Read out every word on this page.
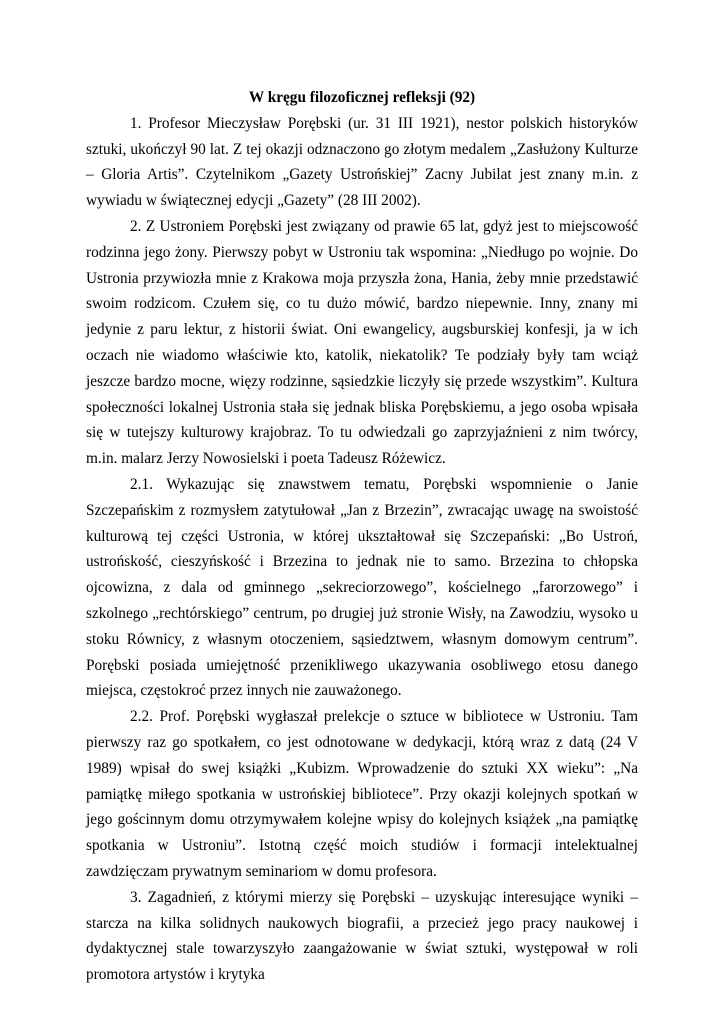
W kręgu filozoficznej refleksji (92)

1. Profesor Mieczysław Porębski (ur. 31 III 1921), nestor polskich historyków sztuki, ukończył 90 lat. Z tej okazji odznaczono go złotym medalem „Zasłużony Kulturze – Gloria Artis”. Czytelnikom „Gazety Ustrońskiej” Zacny Jubilat jest znany m.in. z wywiadu w świątecznej edycji „Gazety” (28 III 2002).

2. Z Ustroniem Porębski jest związany od prawie 65 lat, gdyż jest to miejscowość rodzinna jego żony. Pierwszy pobyt w Ustroniu tak wspomina: „Niedługo po wojnie. Do Ustronia przywiozła mnie z Krakowa moja przyszła żona, Hania, żeby mnie przedstawić swoim rodzicom. Czułem się, co tu dużo mówić, bardzo niepewnie. Inny, znany mi jedynie z paru lektur, z historii świat. Oni ewangelicy, augsburskiej konfesji, ja w ich oczach nie wiadomo właściwie kto, katolik, niekatolik? Te podziały były tam wciąż jeszcze bardzo mocne, więzy rodzinne, sąsiedzkie liczyły się przede wszystkim”. Kultura społeczności lokalnej Ustronia stała się jednak bliska Porębskiemu, a jego osoba wpisała się w tutejszy kulturowy krajobraz. To tu odwiedzali go zaprzyjaźnieni z nim twórcy, m.in. malarz Jerzy Nowosielski i poeta Tadeusz Różewicz.

2.1. Wykazując się znawstwem tematu, Porębski wspomnienie o Janie Szczepańskim z rozmysłem zatytułował „Jan z Brzezin”, zwracając uwagę na swoistość kulturową tej części Ustronia, w której ukształtował się Szczepański: „Bo Ustroń, ustrońskość, cieszyńskość i Brzezina to jednak nie to samo. Brzezina to chłopska ojcowizna, z dala od gminnego „sekreciorzowego”, kościelnego „farorzowego” i szkolnego „rechtórskiego” centrum, po drugiej już stronie Wisły, na Zawodziu, wysoko u stoku Równicy, z własnym otoczeniem, sąsiedztwem, własnym domowym centrum”. Porębski posiada umiejętność przenikliwego ukazywania osobliwego etosu danego miejsca, częstokroć przez innych nie zauważonego.

2.2. Prof. Porębski wygłaszał prelekcje o sztuce w bibliotece w Ustroniu. Tam pierwszy raz go spotkałem, co jest odnotowane w dedykacji, którą wraz z datą (24 V 1989) wpisał do swej książki „Kubizm. Wprowadzenie do sztuki XX wieku”: „Na pamiątkę miłego spotkania w ustrońskiej bibliotece”. Przy okazji kolejnych spotkań w jego gościnnym domu otrzymywałem kolejne wpisy do kolejnych książek „na pamiątkę spotkania w Ustroniu”. Istotną część moich studiów i formacji intelektualnej zawdzięczam prywatnym seminariom w domu profesora.

3. Zagadnień, z którymi mierzy się Porębski – uzyskując interesujące wyniki – starcza na kilka solidnych naukowych biografii, a przecież jego pracy naukowej i dydaktycznej stale towarzyszyło zaangażowanie w świat sztuki, występował w roli promotora artystów i krytyka
